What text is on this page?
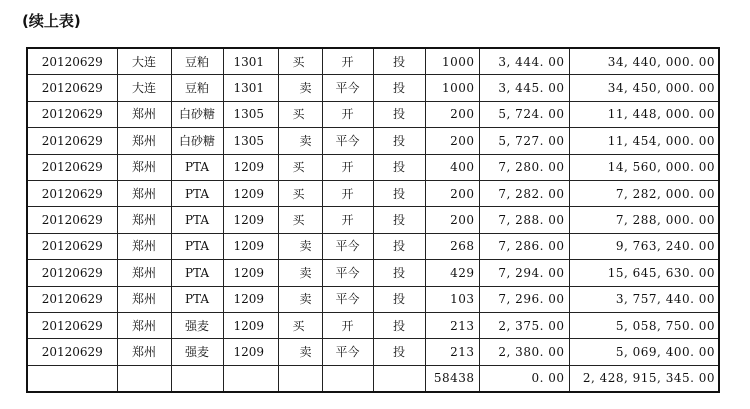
(续上表)
20120629	大连	豆粕	1301	买	开	投	1000	3, 444. 00	34, 440, 000. 00
20120629	大连	豆粕	1301	卖	平今	投	1000	3, 445. 00	34, 450, 000. 00
20120629	郑州	白砂糖	1305	买	开	投	200	5, 724. 00	11, 448, 000. 00
20120629	郑州	白砂糖	1305	卖	平今	投	200	5, 727. 00	11, 454, 000. 00
20120629	郑州	PTA	1209	买	开	投	400	7, 280. 00	14, 560, 000. 00
20120629	郑州	PTA	1209	买	开	投	200	7, 282. 00	7, 282, 000. 00
20120629	郑州	PTA	1209	买	开	投	200	7, 288. 00	7, 288, 000. 00
20120629	郑州	PTA	1209	卖	平今	投	268	7, 286. 00	9, 763, 240. 00
20120629	郑州	PTA	1209	卖	平今	投	429	7, 294. 00	15, 645, 630. 00
20120629	郑州	PTA	1209	卖	平今	投	103	7, 296. 00	3, 757, 440. 00
20120629	郑州	强麦	1209	买	开	投	213	2, 375. 00	5, 058, 750. 00
20120629	郑州	强麦	1209	卖	平今	投	213	2, 380. 00	5, 069, 400. 00
							58438	0. 00	2, 428, 915, 345. 00
